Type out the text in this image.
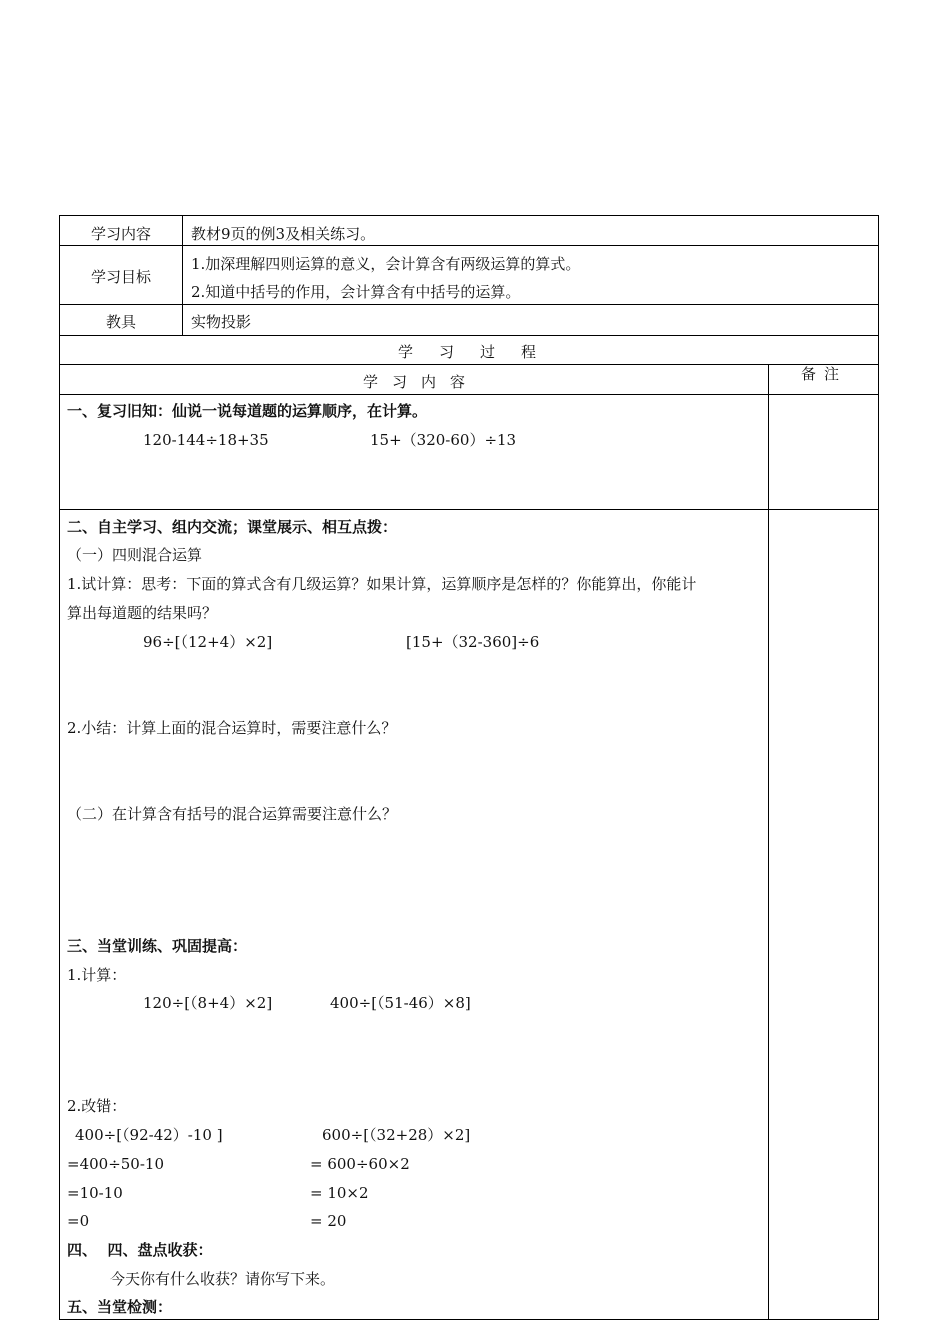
学习内容	教材9页的例3及相关练习。
学习目标
1.加深理解四则运算的意义，会计算含有两级运算的算式。
2.知道中括号的作用，会计算含有中括号的运算。
教具	实物投影
学习过程
学习内容	备注
一、复习旧知：仙说一说每道题的运算顺序，在计算。
120-144÷18+35	15+（320-60）÷13
二、自主学习、组内交流；课堂展示、相互点拨：
（一）四则混合运算
1.试计算：思考：下面的算式含有几级运算？如果计算，运算顺序是怎样的？你能算出，你能计
算出每道题的结果吗？
96÷[（12+4）×2]	[15+（32-360]÷6
2.小结：计算上面的混合运算时，需要注意什么？
（二）在计算含有括号的混合运算需要注意什么？
三、当堂训练、巩固提高：
1.计算：
120÷[（8+4）×2]	400÷[（51-46）×8]
2.改错：
400÷[（92-42）-10 ]
=400÷50-10
=10-10
=0
600÷[（32+28）×2]
= 600÷60×2
= 10×2
= 20
四、  四、盘点收获：
今天你有什么收获？请你写下来。
五、当堂检测：
